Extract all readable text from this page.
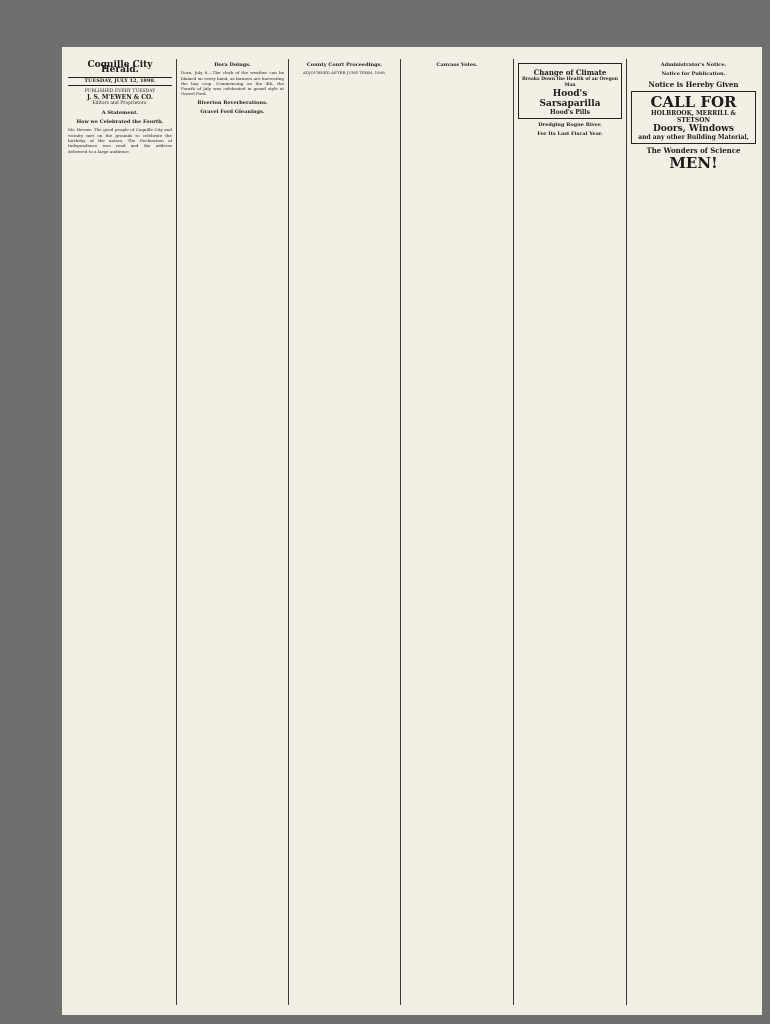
Coquille City Herald.
TUESDAY, JULY 12, 1898.
PUBLISHED EVERY TUESDAY
J. S. M'EWEN & CO.
Editors and Proprietors.
A Statement.
How we Celebrated the Fourth.

Mr. Hesser: The good people of Coquille City and vicinity met on the grounds to celebrate the birthday of the nation. The Declaration of Independence was read and the address delivered to a large audience.

Dora Doings.

Dora, July 8.—The clerk of the weather can be blamed on every hand, as farmers are harvesting the hay crop. Commencing on the 4th, the Fourth of July was celebrated in grand style at Gravel Ford.

Riverton Reverberations.
Gravel Ford Gleanings.
County Court Proceedings.
ADJOURNED AFTER JUNE TERM, 1898.
Canvass Votes.
Change of Climate
Breaks Down the Health of an Oregon Man
Hood's Sarsaparilla
Hood's Pills
Dredging Rogue River.
For Its Last Fiscal Year.
Administrator's Notice.
Notice for Publication.
Notice is Hereby Given
CALL FOR
HOLBROOK, MERRILL & STETSON
Doors, Windows
and any other Building Material,
The Wonders of Science
MEN!
